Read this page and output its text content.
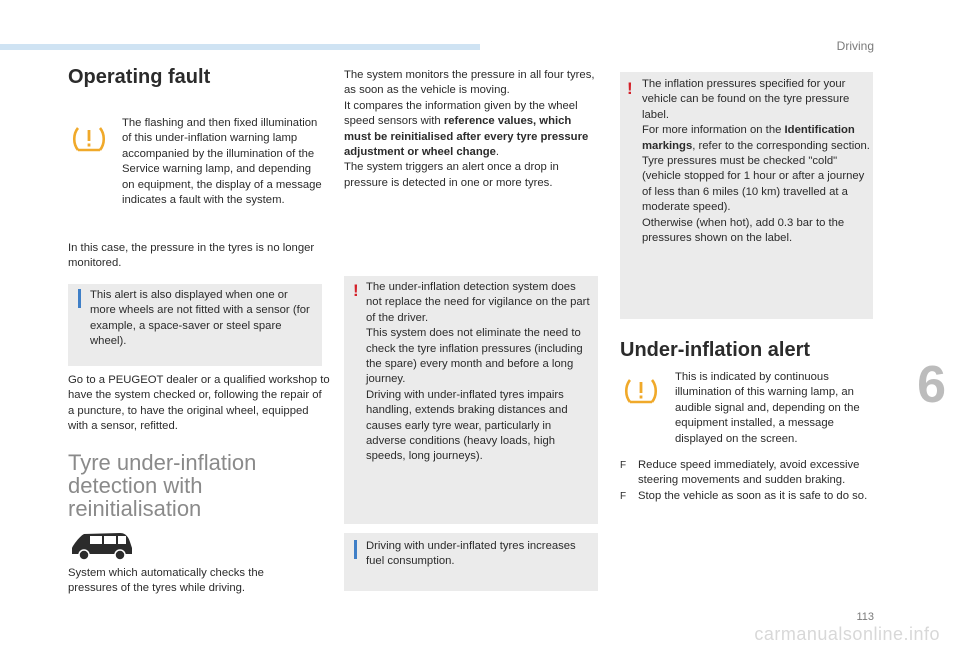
Driving
Operating fault
The flashing and then fixed illumination of this under-inflation warning lamp accompanied by the illumination of the Service warning lamp, and depending on equipment, the display of a message indicates a fault with the system.
In this case, the pressure in the tyres is no longer monitored.
This alert is also displayed when one or more wheels are not fitted with a sensor (for example, a space-saver or steel spare wheel).
Go to a PEUGEOT dealer or a qualified workshop to have the system checked or, following the repair of a puncture, to have the original wheel, equipped with a sensor, refitted.
Tyre under-inflation
detection with
reinitialisation
System which automatically checks the pressures of the tyres while driving.
The system monitors the pressure in all four tyres, as soon as the vehicle is moving.
It compares the information given by the wheel speed sensors with reference values, which must be reinitialised after every tyre pressure adjustment or wheel change.
The system triggers an alert once a drop in pressure is detected in one or more tyres.
! The under-inflation detection system does not replace the need for vigilance on the part of the driver.
This system does not eliminate the need to check the tyre inflation pressures (including the spare) every month and before a long journey.
Driving with under-inflated tyres impairs handling, extends braking distances and causes early tyre wear, particularly in adverse conditions (heavy loads, high speeds, long journeys).
Driving with under-inflated tyres increases fuel consumption.
! The inflation pressures specified for your vehicle can be found on the tyre pressure label.
For more information on the Identification markings, refer to the corresponding section.
Tyre pressures must be checked "cold" (vehicle stopped for 1 hour or after a journey of less than 6 miles (10 km) travelled at a moderate speed).
Otherwise (when hot), add 0.3 bar to the pressures shown on the label.
Under-inflation alert
This is indicated by continuous illumination of this warning lamp, an audible signal and, depending on the equipment installed, a message displayed on the screen.
F Reduce speed immediately, avoid excessive steering movements and sudden braking.
F Stop the vehicle as soon as it is safe to do so.
6
113
carmanualsonline.info
